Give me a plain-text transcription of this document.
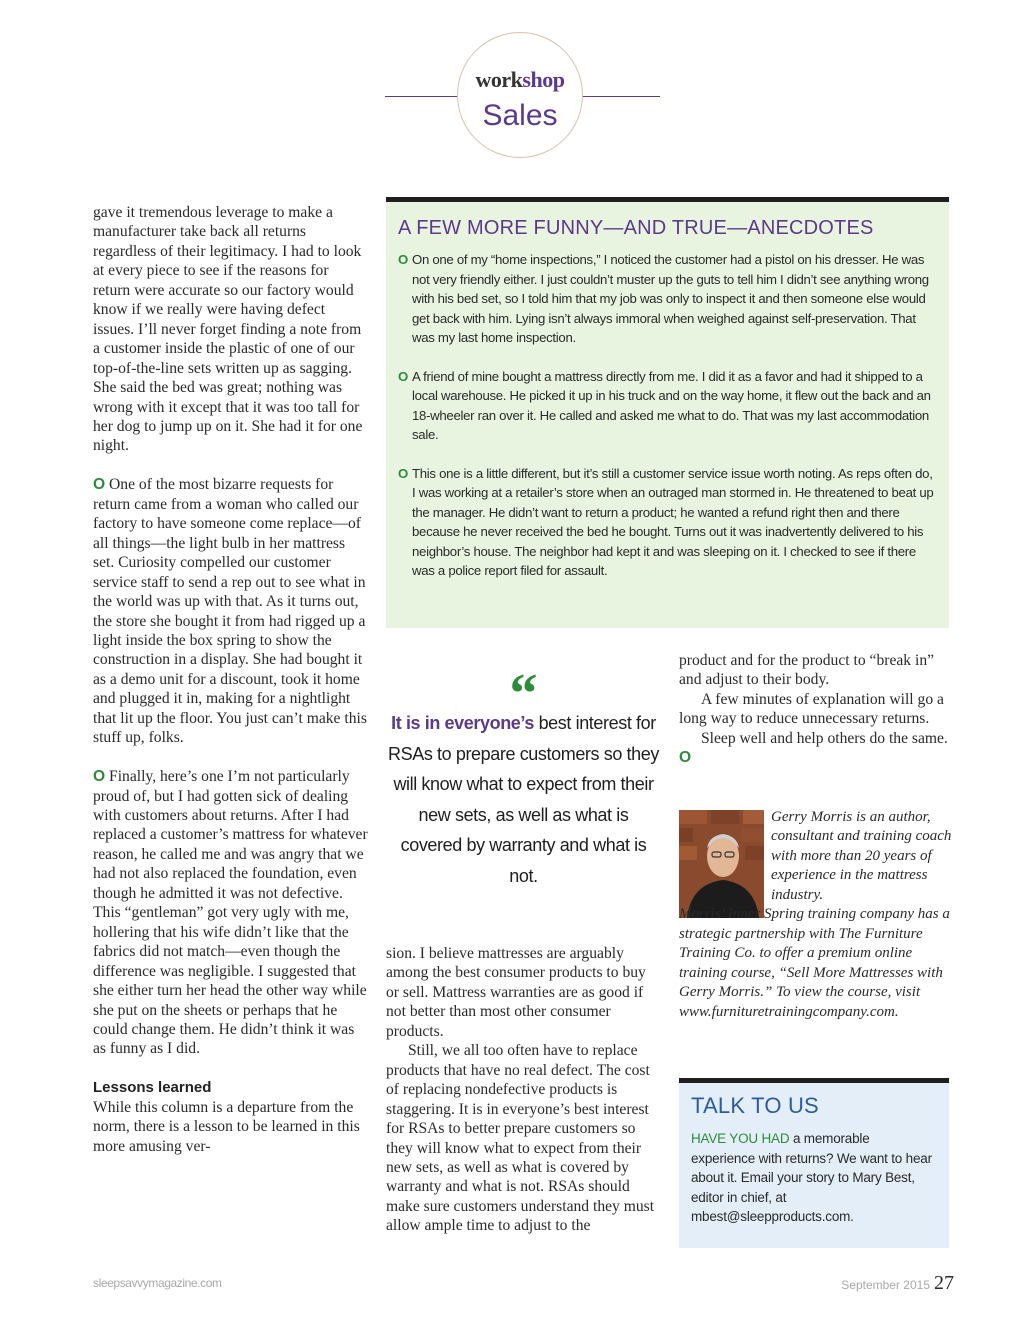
workshop
Sales

gave it tremendous leverage to make a manufacturer take back all returns regardless of their legitimacy. I had to look at every piece to see if the reasons for return were accurate so our factory would know if we really were having defect issues. I’ll never forget finding a note from a customer inside the plastic of one of our top-of-the-line sets written up as sagging. She said the bed was great; nothing was wrong with it except that it was too tall for her dog to jump up on it. She had it for one night.

O One of the most bizarre requests for return came from a woman who called our factory to have someone come replace—of all things—the light bulb in her mattress set. Curiosity compelled our customer service staff to send a rep out to see what in the world was up with that. As it turns out, the store she bought it from had rigged up a light inside the box spring to show the construction in a display. She had bought it as a demo unit for a discount, took it home and plugged it in, making for a nightlight that lit up the floor. You just can’t make this stuff up, folks.

O Finally, here’s one I’m not particularly proud of, but I had gotten sick of dealing with customers about returns. After I had replaced a customer’s mattress for whatever reason, he called me and was angry that we had not also replaced the foundation, even though he admitted it was not defective. This “gentleman” got very ugly with me, hollering that his wife didn’t like that the fabrics did not match—even though the difference was negligible. I suggested that she either turn her head the other way while she put on the sheets or perhaps that he could change them. He didn’t think it was as funny as I did.

Lessons learned

While this column is a departure from the norm, there is a lesson to be learned in this more amusing ver-

A FEW MORE FUNNY—AND TRUE—ANECDOTES
O On one of my “home inspections,” I noticed the customer had a pistol on his dresser. He was not very friendly either. I just couldn’t muster up the guts to tell him I didn’t see anything wrong with his bed set, so I told him that my job was only to inspect it and then someone else would get back with him. Lying isn’t always immoral when weighed against self-preservation. That was my last home inspection.
O A friend of mine bought a mattress directly from me. I did it as a favor and had it shipped to a local warehouse. He picked it up in his truck and on the way home, it flew out the back and an 18-wheeler ran over it. He called and asked me what to do. That was my last accommodation sale.
O This one is a little different, but it’s still a customer service issue worth noting. As reps often do, I was working at a retailer’s store when an outraged man stormed in. He threatened to beat up the manager. He didn’t want to return a product; he wanted a refund right then and there because he never received the bed he bought. Turns out it was inadvertently delivered to his neighbor’s house. The neighbor had kept it and was sleeping on it. I checked to see if there was a police report filed for assault.
“
It is in everyone’s best interest for RSAs to prepare customers so they will know what to expect from their new sets, as well as what is covered by warranty and what is not.

sion. I believe mattresses are arguably among the best consumer products to buy or sell. Mattress warranties are as good if not better than most other consumer products.

Still, we all too often have to replace products that have no real defect. The cost of replacing nondefective products is staggering. It is in everyone’s best interest for RSAs to better prepare customers so they will know what to expect from their new sets, as well as what is covered by warranty and what is not. RSAs should make sure customers understand they must allow ample time to adjust to the

product and for the product to “break in” and adjust to their body.

A few minutes of explanation will go a long way to reduce unnecessary returns.

Sleep well and help others do the same. O

Gerry Morris is an author, consultant and training coach with more than 20 years of experience in the mattress industry.
Morris’ Inner Spring training company has a strategic partnership with The Furniture Training Co. to offer a premium online training course, “Sell More Mattresses with Gerry Morris.” To view the course, visit www.furnituretrainingcompany.com.
TALK TO US
HAVE YOU HAD a memorable experience with returns? We want to hear about it. Email your story to Mary Best, editor in chief, at mbest@sleepproducts.com.
sleepsavvymagazine.com	September 2015 27
